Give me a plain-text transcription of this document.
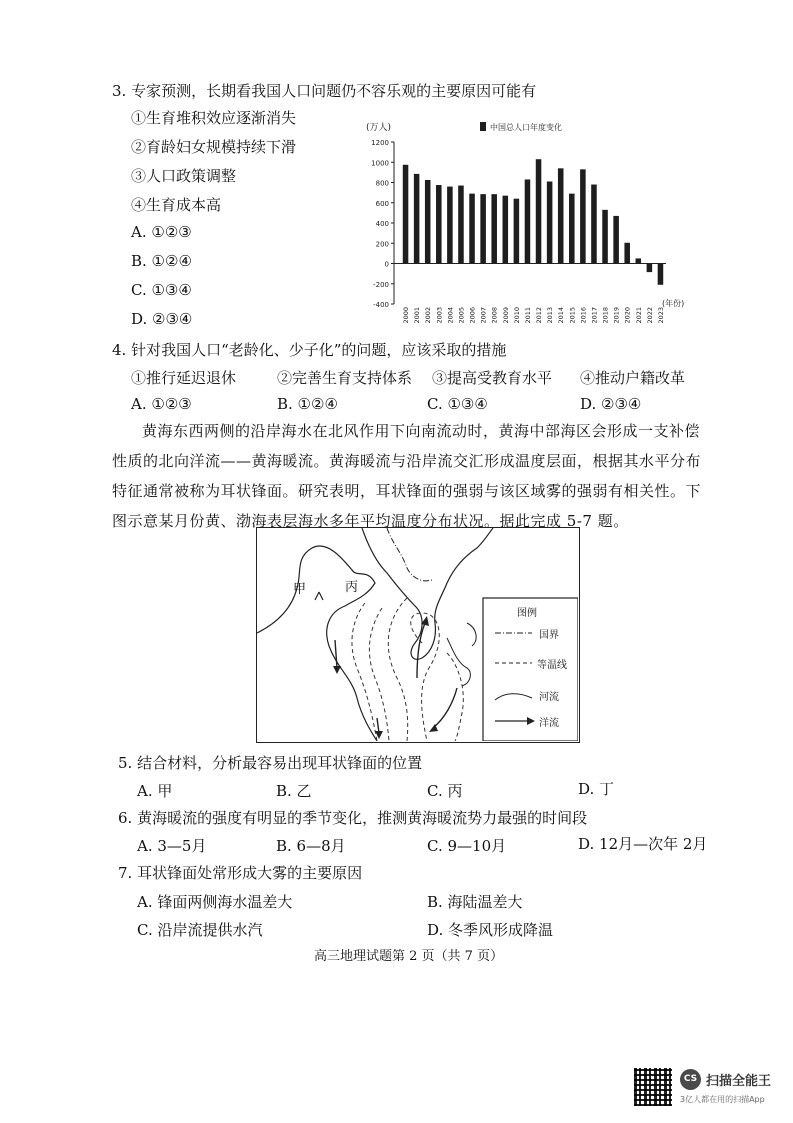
3. 专家预测，长期看我国人口问题仍不容乐观的主要原因可能有
①生育堆积效应逐渐消失
②育龄妇女规模持续下滑
③人口政策调整
④生育成本高
A. ①②③
B. ①②④
C. ①③④
D. ②③④
-400
-200
0
200
400
600
800
1000
1200
2000 2001 2002 2003 2004 2005 2006 2007 2008 2009 2010 2011 2012 2013 2014 2015 2016 2017 2018 2019 2020 2021 2022 2023
(万人)
(年份)
中国总人口年度变化
4. 针对我国人口“老龄化、少子化”的问题，应该采取的措施
①推行延迟退休	②完善生育支持体系 ③提高受教育水平 ④推动户籍改革
A. ①②③	B. ①②④	C. ①③④	D. ②③④
黄海东西两侧的沿岸海水在北风作用下向南流动时，黄海中部海区会形成一支补偿性质的北向洋流——黄海暖流。黄海暖流与沿岸流交汇形成温度层面，根据其水平分布特征通常被称为耳状锋面。研究表明，耳状锋面的强弱与该区域雾的强弱有相关性。下图示意某月份黄、渤海表层海水多年平均温度分布状况。据此完成 5-7 题。
甲	丙
图例
国界
等温线
河流
洋流
5. 结合材料，分析最容易出现耳状锋面的位置
A. 甲	B. 乙	C. 丙	D. 丁
6. 黄海暖流的强度有明显的季节变化，推测黄海暖流势力最强的时间段
A. 3—5月	B. 6—8月	C. 9—10月	D. 12月—次年 2月
7. 耳状锋面处常形成大雾的主要原因
A. 锋面两侧海水温差大	B. 海陆温差大
C. 沿岸流提供水汽	D. 冬季风形成降温
高三地理试题第 2 页（共 7 页）
CS 扫描全能王
3亿人都在用的扫描App
